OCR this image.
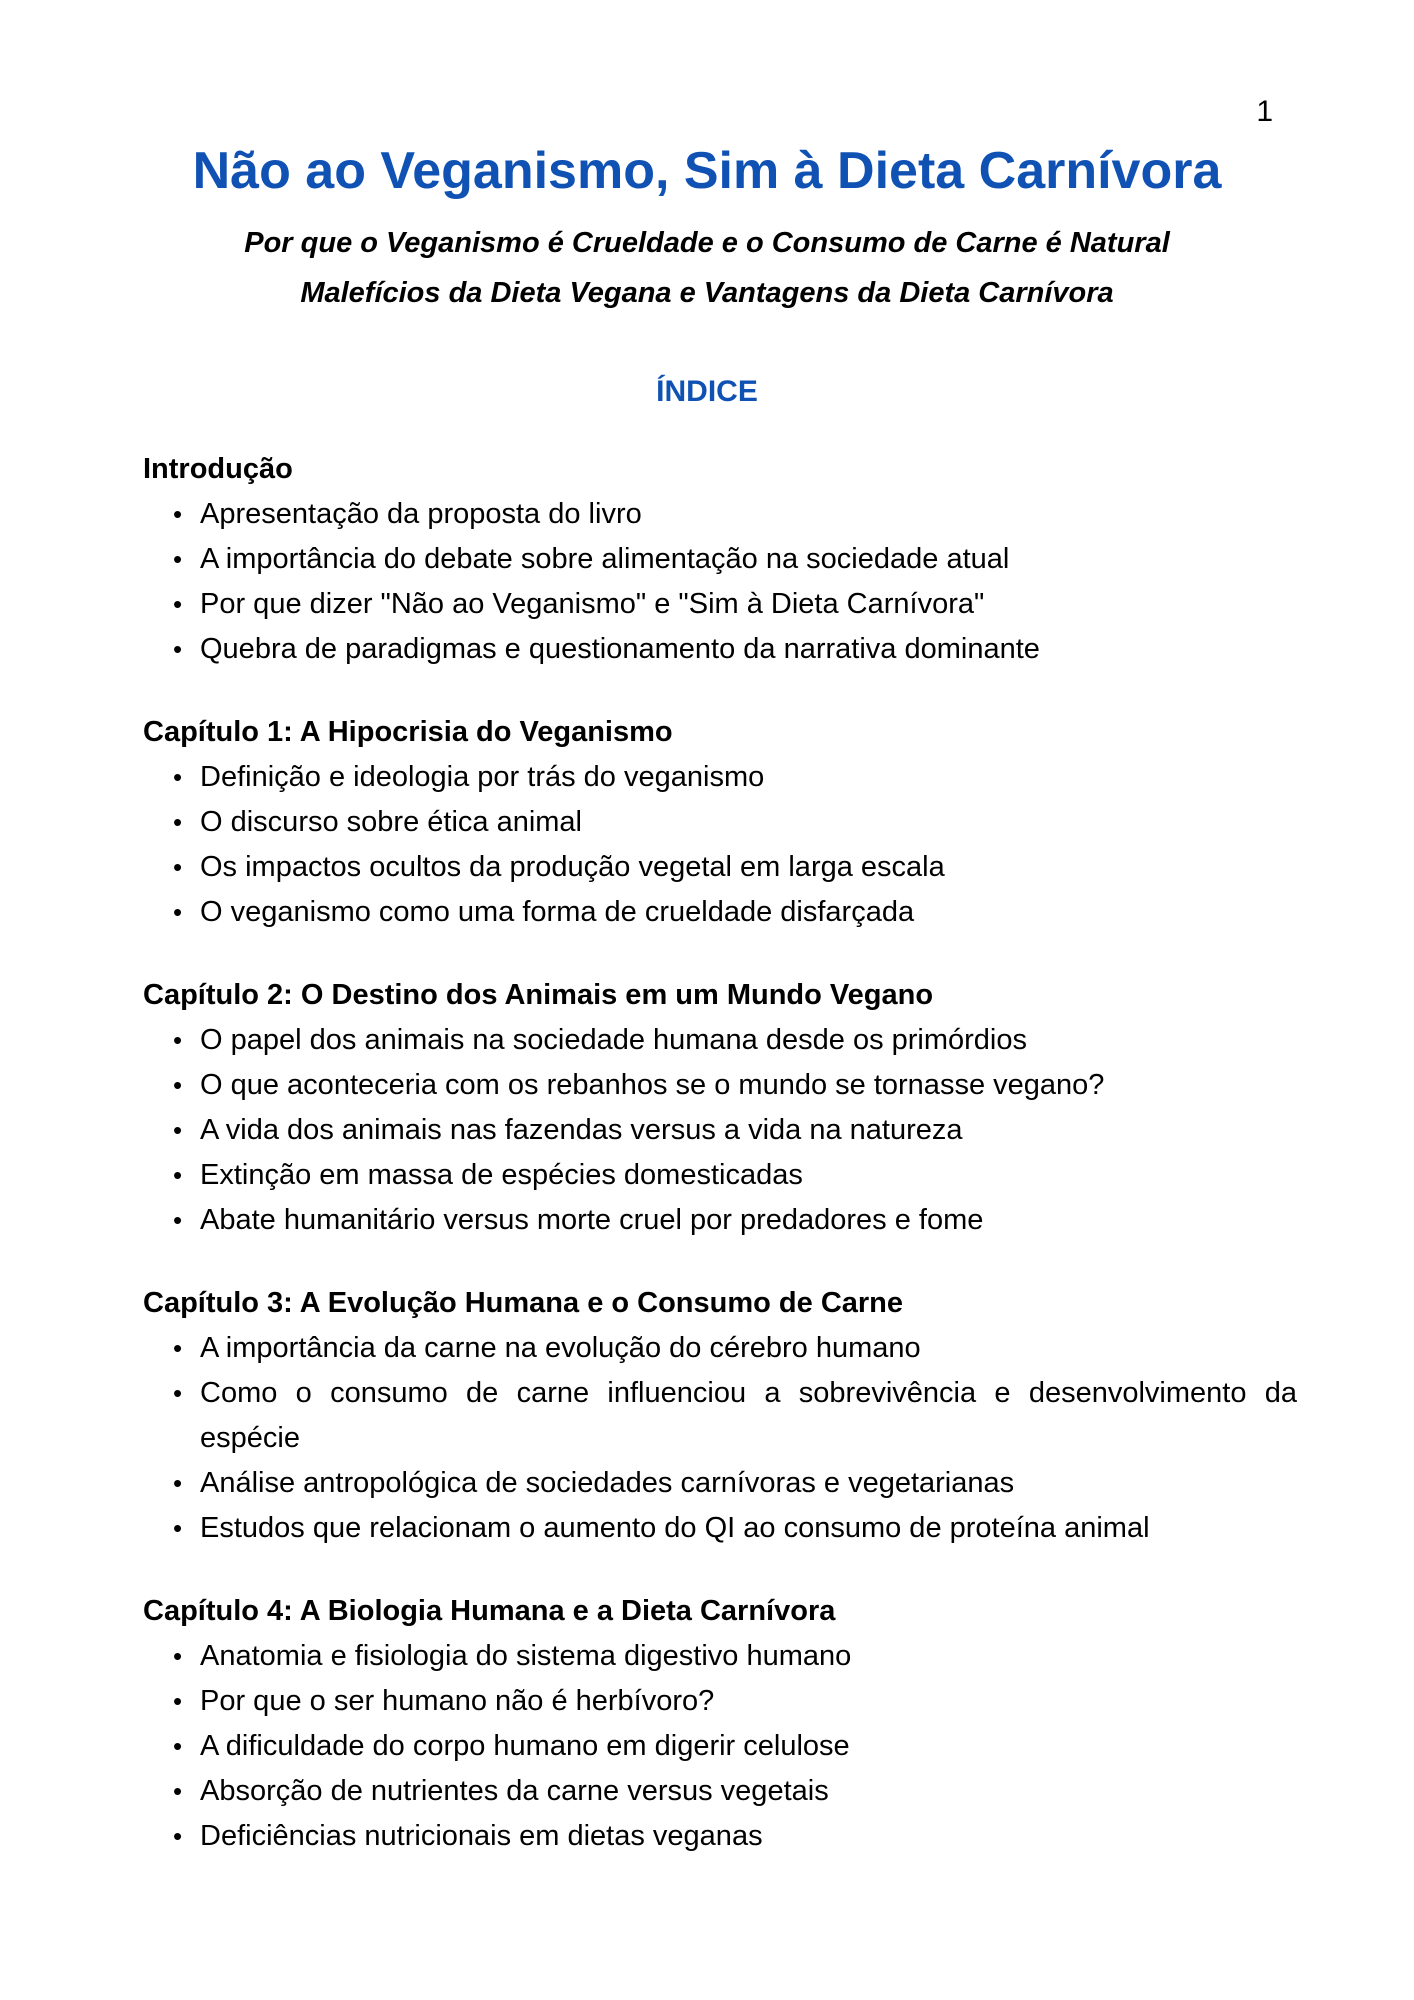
1
Não ao Veganismo, Sim à Dieta Carnívora
Por que o Veganismo é Crueldade e o Consumo de Carne é Natural
Malefícios da Dieta Vegana e Vantagens da Dieta Carnívora
ÍNDICE
Introdução
• Apresentação da proposta do livro
• A importância do debate sobre alimentação na sociedade atual
• Por que dizer "Não ao Veganismo" e "Sim à Dieta Carnívora"
• Quebra de paradigmas e questionamento da narrativa dominante
Capítulo 1: A Hipocrisia do Veganismo
• Definição e ideologia por trás do veganismo
• O discurso sobre ética animal
• Os impactos ocultos da produção vegetal em larga escala
• O veganismo como uma forma de crueldade disfarçada
Capítulo 2: O Destino dos Animais em um Mundo Vegano
• O papel dos animais na sociedade humana desde os primórdios
• O que aconteceria com os rebanhos se o mundo se tornasse vegano?
• A vida dos animais nas fazendas versus a vida na natureza
• Extinção em massa de espécies domesticadas
• Abate humanitário versus morte cruel por predadores e fome
Capítulo 3: A Evolução Humana e o Consumo de Carne
• A importância da carne na evolução do cérebro humano
• Como o consumo de carne influenciou a sobrevivência e desenvolvimento da espécie
• Análise antropológica de sociedades carnívoras e vegetarianas
• Estudos que relacionam o aumento do QI ao consumo de proteína animal
Capítulo 4: A Biologia Humana e a Dieta Carnívora
• Anatomia e fisiologia do sistema digestivo humano
• Por que o ser humano não é herbívoro?
• A dificuldade do corpo humano em digerir celulose
• Absorção de nutrientes da carne versus vegetais
• Deficiências nutricionais em dietas veganas
